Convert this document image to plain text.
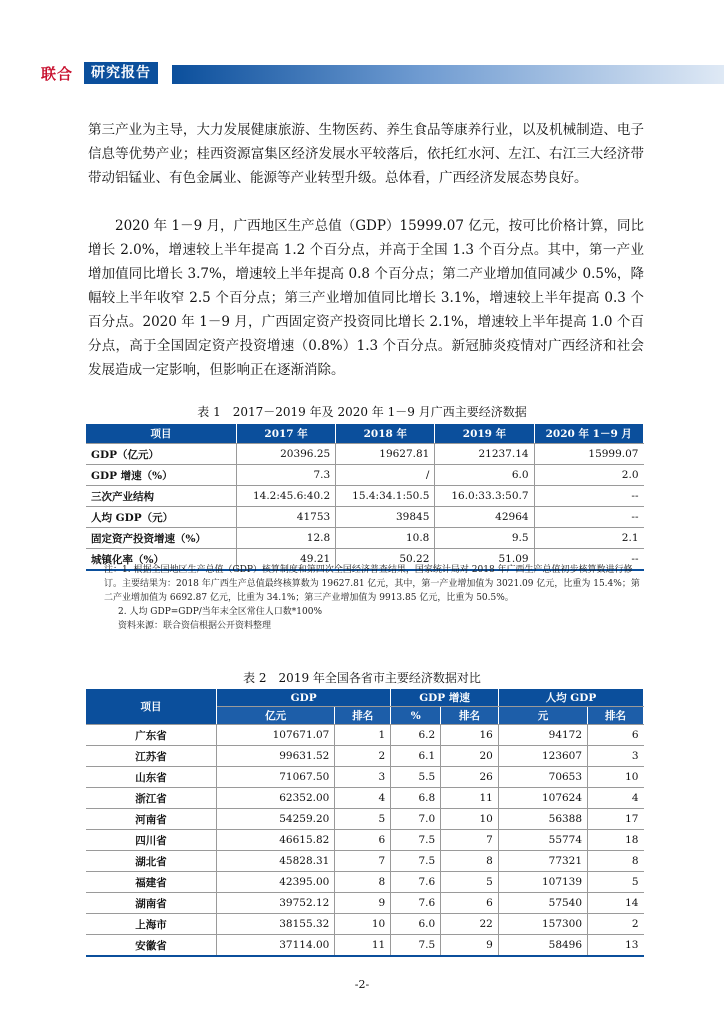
联合	研究报告

第三产业为主导，大力发展健康旅游、生物医药、养生食品等康养行业，以及机械制造、电子信息等优势产业；桂西资源富集区经济发展水平较落后，依托红水河、左江、右江三大经济带带动铝锰业、有色金属业、能源等产业转型升级。总体看，广西经济发展态势良好。

2020 年 1－9 月，广西地区生产总值（GDP）15999.07 亿元，按可比价格计算，同比增长 2.0%，增速较上半年提高 1.2 个百分点，并高于全国 1.3 个百分点。其中，第一产业增加值同比增长 3.7%，增速较上半年提高 0.8 个百分点；第二产业增加值同减少 0.5%，降幅较上半年收窄 2.5 个百分点；第三产业增加值同比增长 3.1%，增速较上半年提高 0.3 个百分点。2020 年 1－9 月，广西固定资产投资同比增长 2.1%，增速较上半年提高 1.0 个百分点，高于全国固定资产投资增速（0.8%）1.3 个百分点。新冠肺炎疫情对广西经济和社会发展造成一定影响，但影响正在逐渐消除。

表 1　2017－2019 年及 2020 年 1－9 月广西主要经济数据
项目	2017 年	2018 年	2019 年	2020 年 1－9 月
GDP（亿元）	20396.25	19627.81	21237.14	15999.07
GDP 增速（%）	7.3	/	6.0	2.0
三次产业结构	14.2:45.6:40.2	15.4:34.1:50.5	16.0:33.3:50.7	--
人均 GDP（元）	41753	39845	42964	--
固定资产投资增速（%）	12.8	10.8	9.5	2.1
城镇化率（%）	49.21	50.22	51.09	--

注：1. 根据全国地区生产总值（GDP）核算制度和第四次全国经济普查结果，国家统计局对 2018 年广西生产总值初步核算数进行修订。主要结果为：2018 年广西生产总值最终核算数为 19627.81 亿元，其中，第一产业增加值为 3021.09 亿元，比重为 15.4%；第二产业增加值为 6692.87 亿元，比重为 34.1%；第三产业增加值为 9913.85 亿元，比重为 50.5%。

2. 人均 GDP=GDP/当年末全区常住人口数*100%

资料来源：联合资信根据公开资料整理

表 2　2019 年全国各省市主要经济数据对比
项目	GDP		GDP 增速		人均 GDP	
	亿元	排名	%	排名	元	排名
广东省	107671.07	1	6.2	16	94172	6
江苏省	99631.52	2	6.1	20	123607	3
山东省	71067.50	3	5.5	26	70653	10
浙江省	62352.00	4	6.8	11	107624	4
河南省	54259.20	5	7.0	10	56388	17
四川省	46615.82	6	7.5	7	55774	18
湖北省	45828.31	7	7.5	8	77321	8
福建省	42395.00	8	7.6	5	107139	5
湖南省	39752.12	9	7.6	6	57540	14
上海市	38155.32	10	6.0	22	157300	2
安徽省	37114.00	11	7.5	9	58496	13
-2-
